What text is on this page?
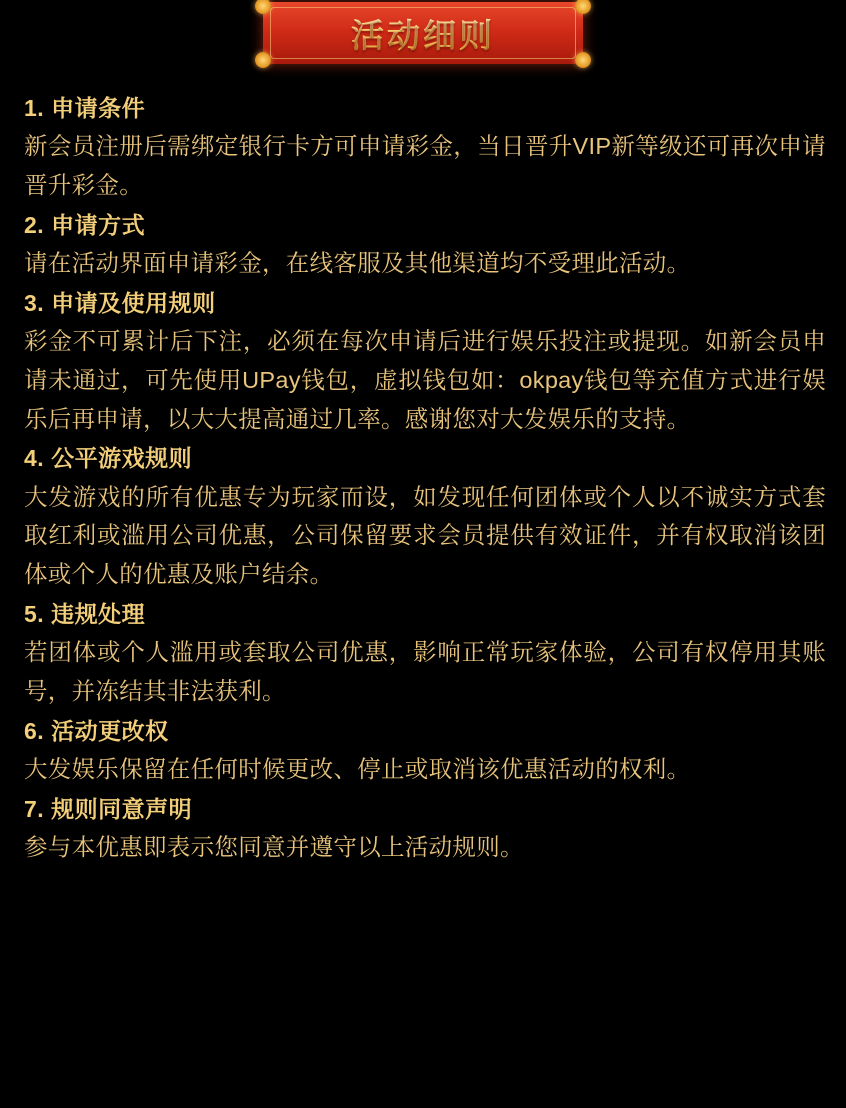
活动细则
1. 申请条件
新会员注册后需绑定银行卡方可申请彩金，当日晋升VIP新等级还可再次申请晋升彩金。
2. 申请方式
请在活动界面申请彩金，在线客服及其他渠道均不受理此活动。
3. 申请及使用规则
彩金不可累计后下注，必须在每次申请后进行娱乐投注或提现。如新会员申请未通过，可先使用UPay钱包，虚拟钱包如：okpay钱包等充值方式进行娱乐后再申请，以大大提高通过几率。感谢您对大发娱乐的支持。
4. 公平游戏规则
大发游戏的所有优惠专为玩家而设，如发现任何团体或个人以不诚实方式套取红利或滥用公司优惠，公司保留要求会员提供有效证件，并有权取消该团体或个人的优惠及账户结余。
5. 违规处理
若团体或个人滥用或套取公司优惠，影响正常玩家体验，公司有权停用其账号，并冻结其非法获利。
6. 活动更改权
大发娱乐保留在任何时候更改、停止或取消该优惠活动的权利。
7. 规则同意声明
参与本优惠即表示您同意并遵守以上活动规则。
